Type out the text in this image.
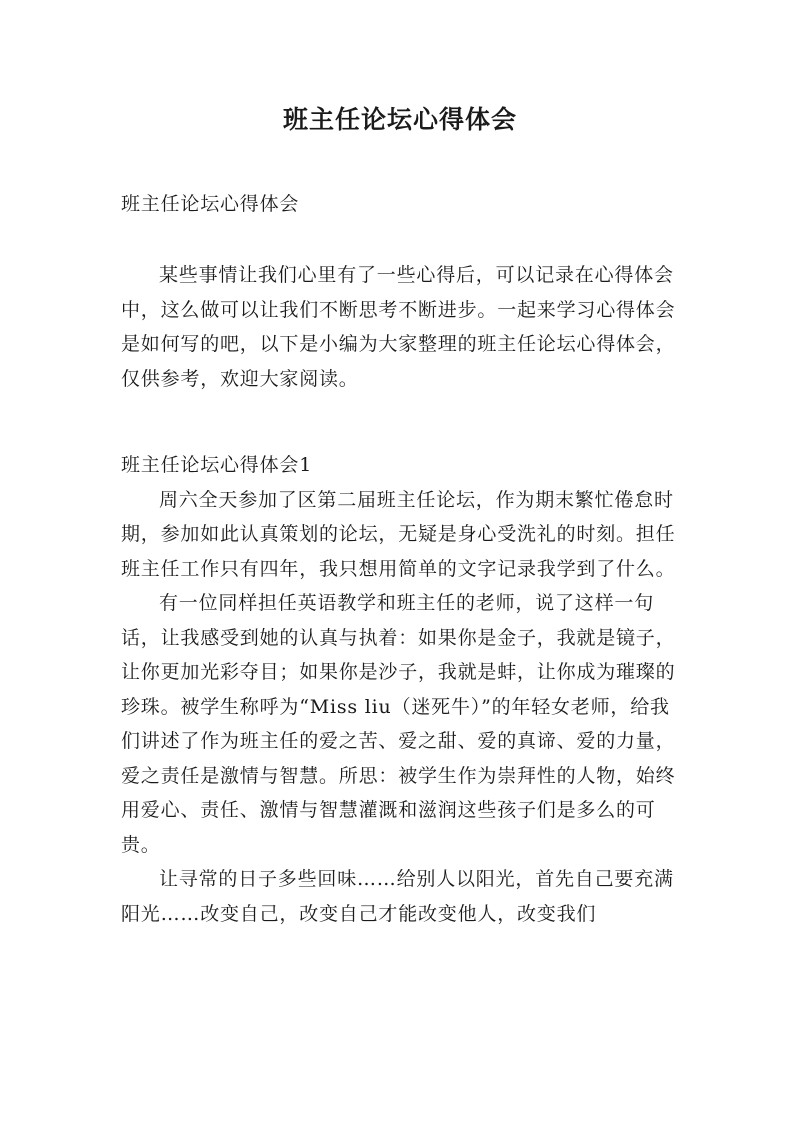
班主任论坛心得体会
班主任论坛心得体会

某些事情让我们心里有了一些心得后，可以记录在心得体会中，这么做可以让我们不断思考不断进步。一起来学习心得体会是如何写的吧，以下是小编为大家整理的班主任论坛心得体会，仅供参考，欢迎大家阅读。

班主任论坛心得体会1

周六全天参加了区第二届班主任论坛，作为期末繁忙倦怠时期，参加如此认真策划的论坛，无疑是身心受洗礼的时刻。担任班主任工作只有四年，我只想用简单的文字记录我学到了什么。

有一位同样担任英语教学和班主任的老师，说了这样一句话，让我感受到她的认真与执着：如果你是金子，我就是镜子，让你更加光彩夺目；如果你是沙子，我就是蚌，让你成为璀璨的珍珠。被学生称呼为“Miss liu（迷死牛）”的年轻女老师，给我们讲述了作为班主任的爱之苦、爱之甜、爱的真谛、爱的力量，爱之责任是激情与智慧。所思：被学生作为崇拜性的人物，始终用爱心、责任、激情与智慧灌溉和滋润这些孩子们是多么的可贵。

让寻常的日子多些回味……给别人以阳光，首先自己要充满阳光……改变自己，改变自己才能改变他人，改变我们
